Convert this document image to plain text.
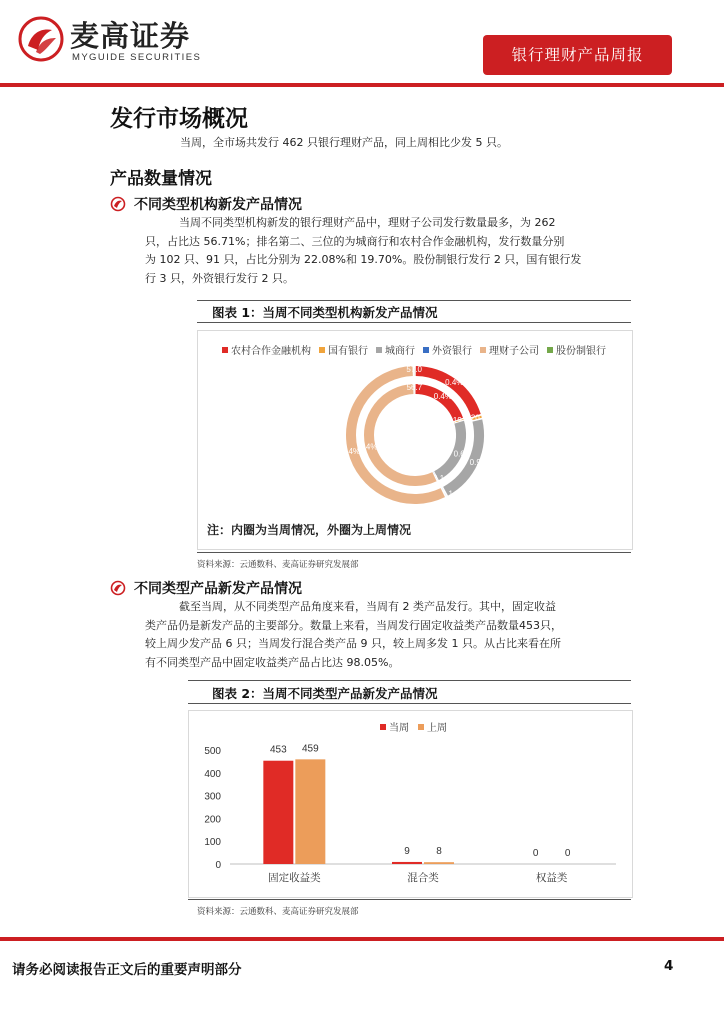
麦高证券
MYGUIDE SECURITIES	银行理财产品周报
发行市场概况
当周，全市场共发行 462 只银行理财产品，同上周相比少发 5 只。
产品数量情况
不同类型机构新发产品情况
当周不同类型机构新发的银行理财产品中，理财子公司发行数量最多，为 262
只，占比达 56.71%；排名第二、三位的为城商行和农村合作金融机构，发行数量分别
为 102 只、91 只，占比分别为 22.08%和 19.70%。股份制银行发行 2 只，国有银行发
行 3 只，外资银行发行 2 只。
图表 1：当周不同类型机构新发产品情况
农村合作金融机构 国有银行 城商行 外资银行 理财子公司 股份制银行
0.4%
20.3
0.9
21.1
0.4%
57.0
0.4%
19.7
0.6
22.1
0.4%
56.7
注：内圈为当周情况，外圈为上周情况
资料来源：云通数科、麦高证券研究发展部
不同类型产品新发产品情况
截至当周，从不同类型产品角度来看，当周有 2 类产品发行。其中，固定收益
类产品仍是新发产品的主要部分。数量上来看，当周发行固定收益类产品数量453只，
较上周少发产品 6 只；当周发行混合类产品 9 只，较上周多发 1 只。从占比来看在所
有不同类型产品中固定收益类产品占比达 98.05%。
图表 2：当周不同类型产品新发产品情况
当周 上周
0
100
200
300
400
500	453 459
固定收益类
9	8
混合类
0	0
权益类
资料来源：云通数科、麦高证券研究发展部
请务必阅读报告正文后的重要声明部分	4
